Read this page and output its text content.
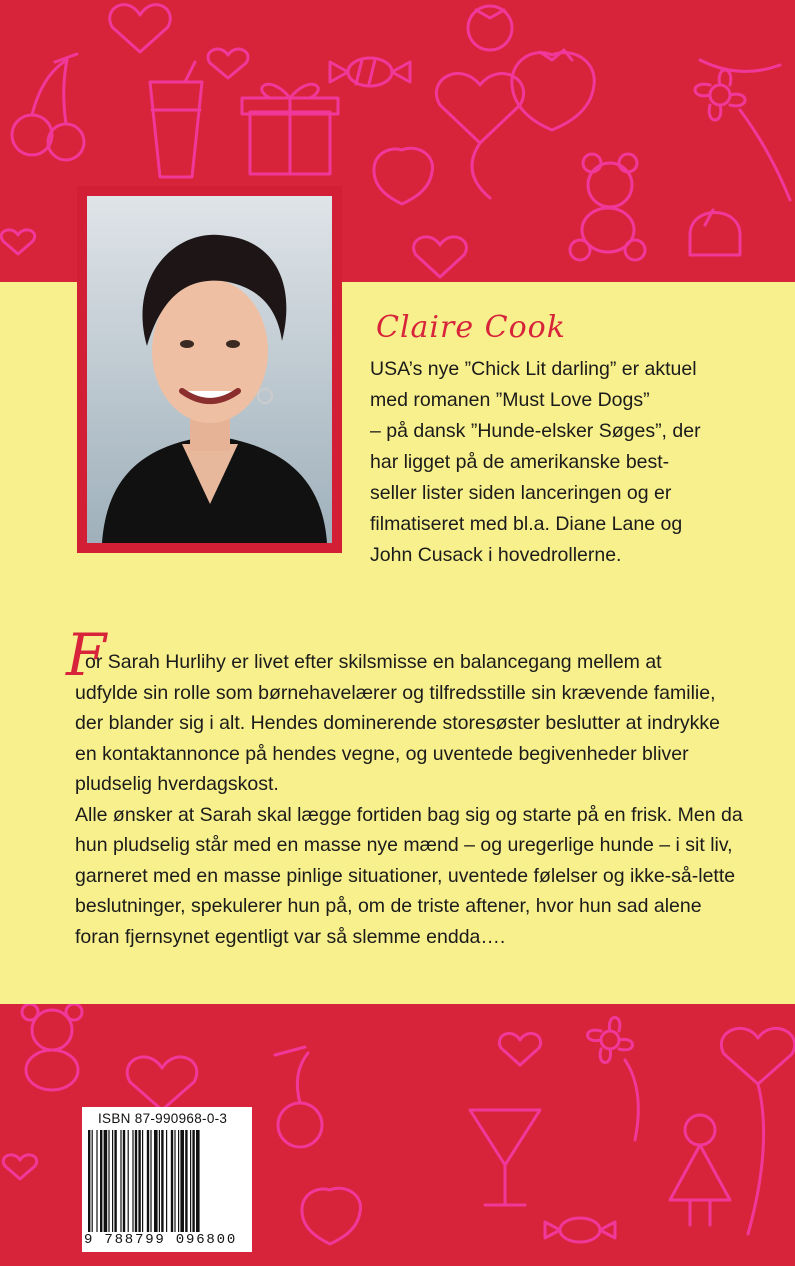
Claire Cook

USA’s nye ”Chick Lit darling” er aktuel
med romanen ”Must Love Dogs”
– på dansk ”Hunde-elsker Søges”, der
har ligget på de amerikanske best-
seller lister siden lanceringen og er
filmatiseret med bl.a. Diane Lane og
John Cusack i hovedrollerne.

F

or Sarah Hurlihy er livet efter skilsmisse en balancegang mellem at
udfylde sin rolle som børnehavelærer og tilfredsstille sin krævende familie,
der blander sig i alt. Hendes dominerende storesøster beslutter at indrykke
en kontaktannonce på hendes vegne, og uventede begivenheder bliver
pludselig hverdagskost.
Alle ønsker at Sarah skal lægge fortiden bag sig og starte på en frisk. Men da
hun pludselig står med en masse nye mænd – og uregerlige hunde – i sit liv,
garneret med en masse pinlige situationer, uventede følelser og ikke-så-lette
beslutninger, spekulerer hun på, om de triste aftener, hvor hun sad alene
foran fjernsynet egentligt var så slemme endda….

ISBN 87-990968-0-3

9 788799 096800
